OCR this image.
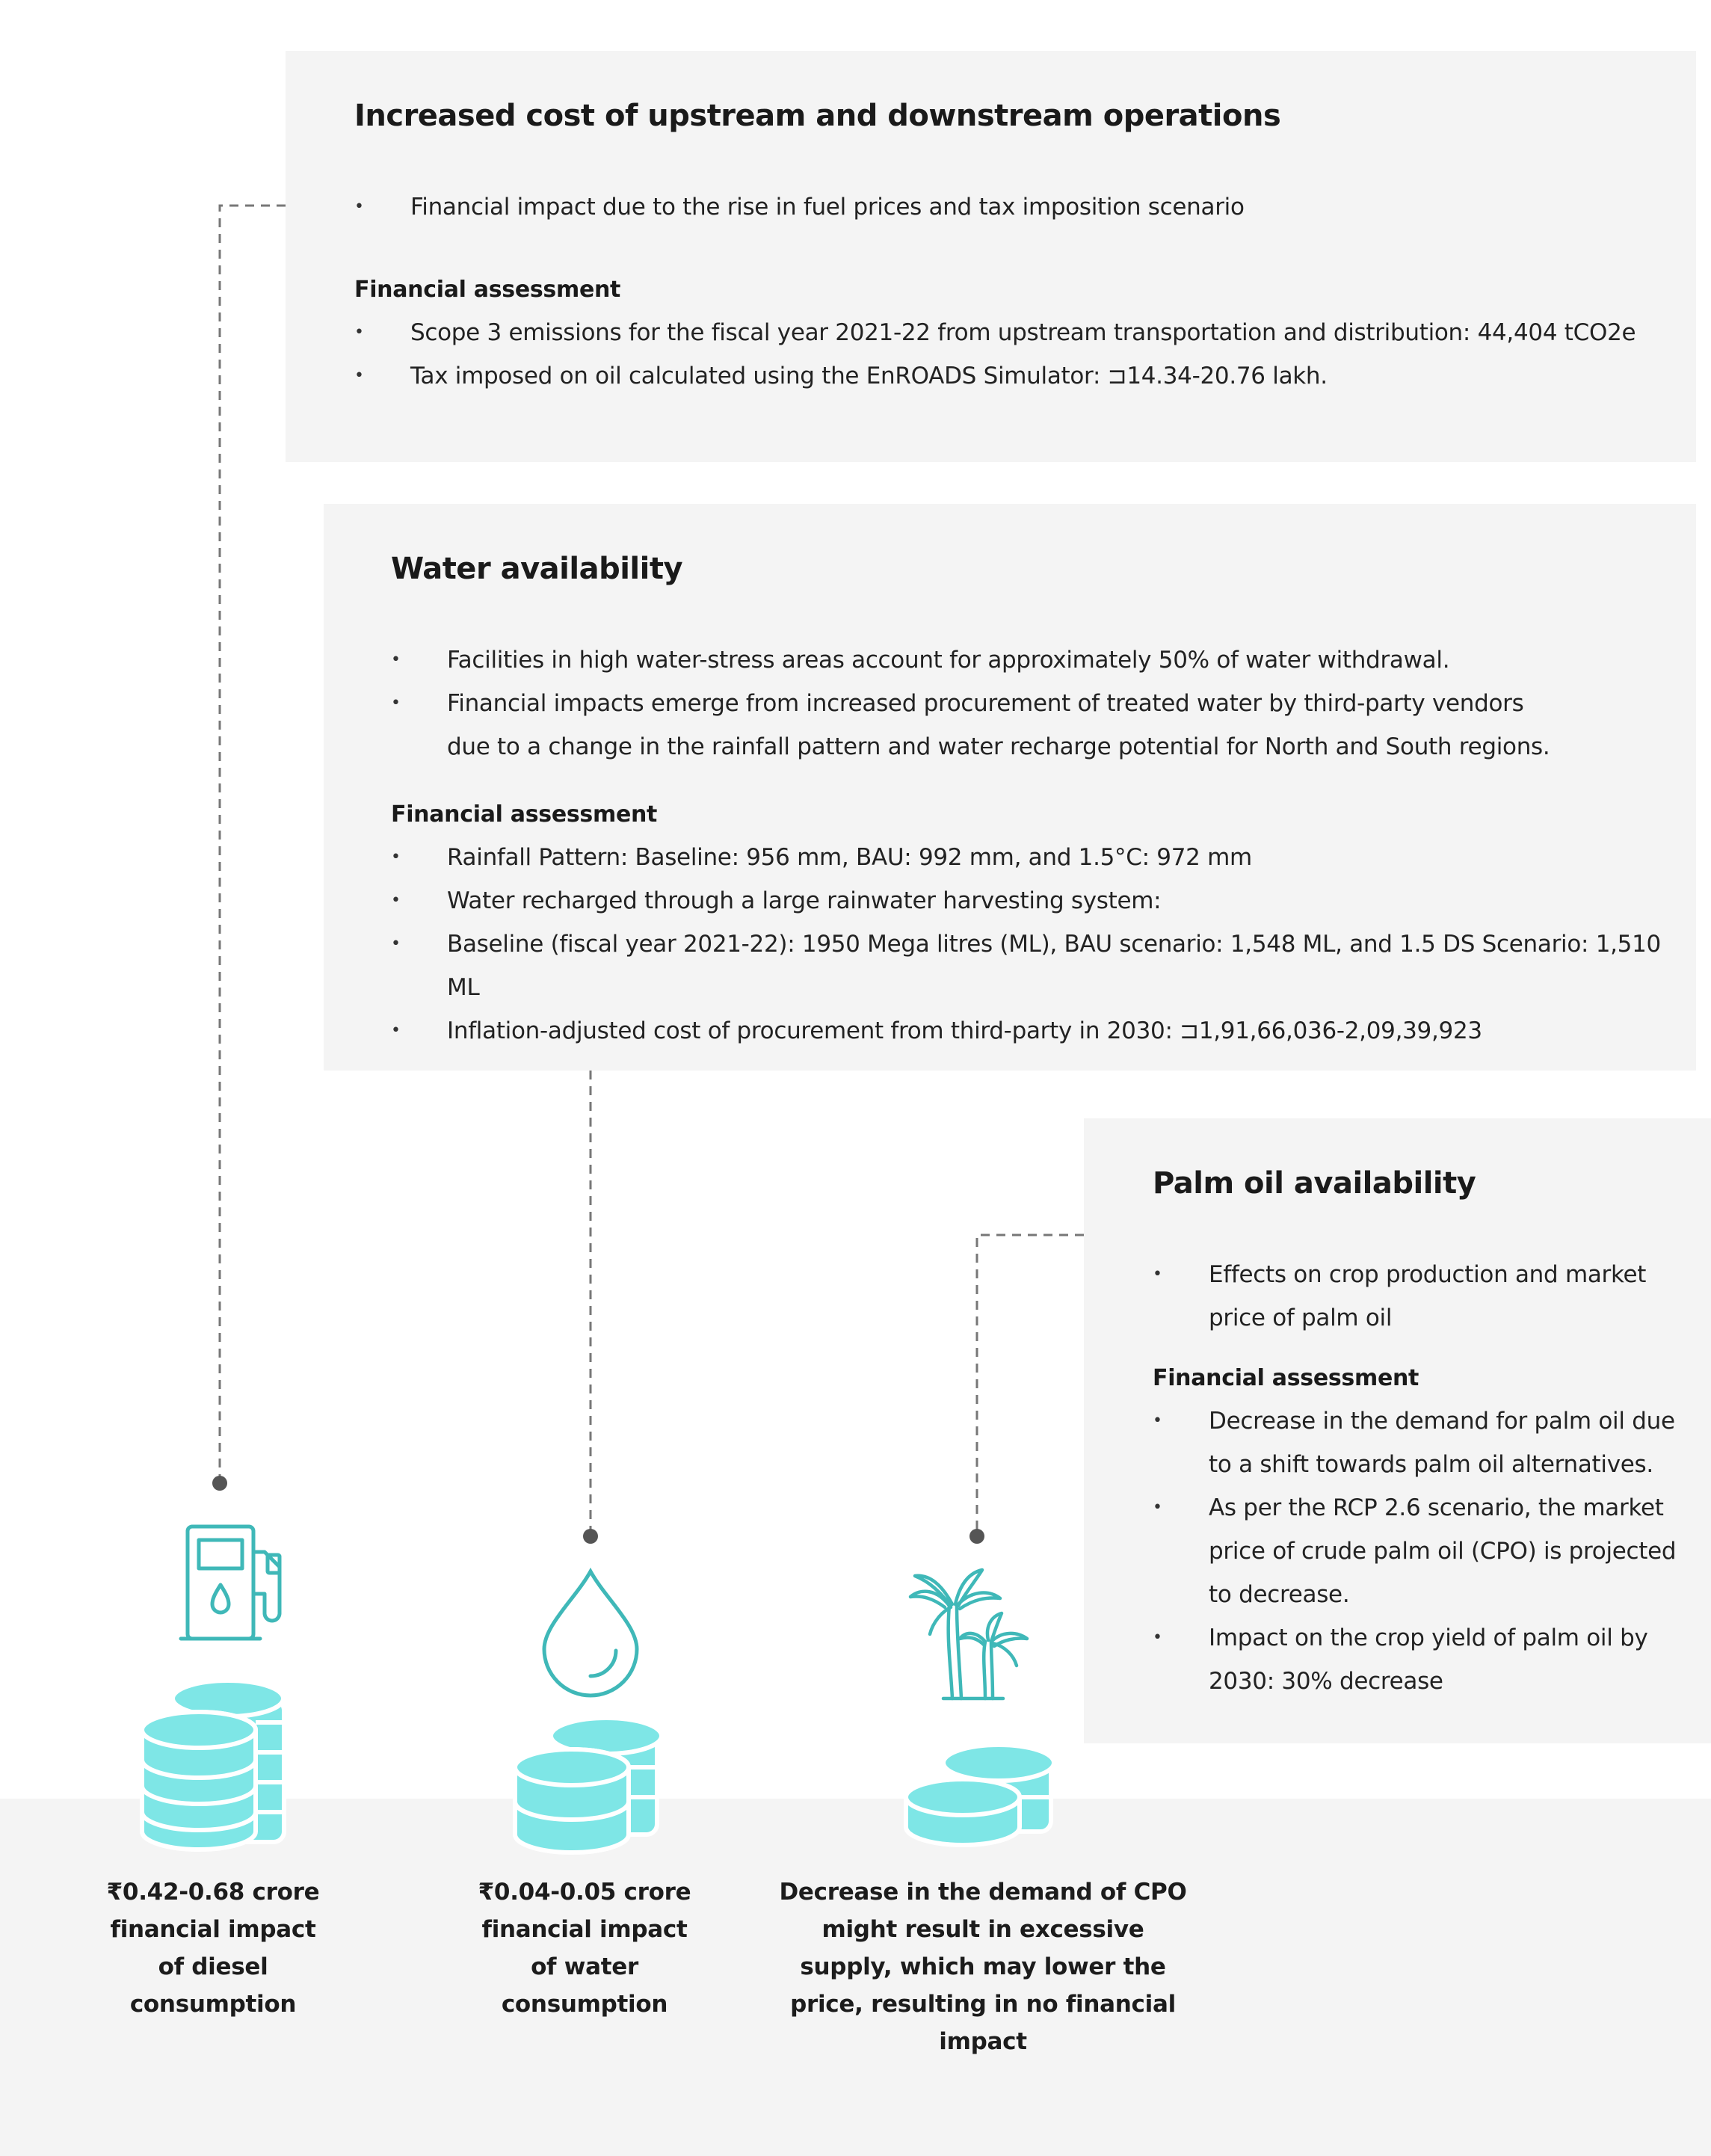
Increased cost of upstream and downstream operations
• Financial impact due to the rise in fuel prices and tax imposition scenario
Financial assessment
• Scope 3 emissions for the fiscal year 2021-22 from upstream transportation and distribution: 44,404 tCO2e
• Tax imposed on oil calculated using the EnROADS Simulator: ⊐14.34-20.76 lakh.
Water availability
• Facilities in high water-stress areas account for approximately 50% of water withdrawal.
• Financial impacts emerge from increased procurement of treated water by third-party vendors due to a change in the rainfall pattern and water recharge potential for North and South regions.
Financial assessment
• Rainfall Pattern: Baseline: 956 mm, BAU: 992 mm, and 1.5°C: 972 mm
• Water recharged through a large rainwater harvesting system:
• Baseline (fiscal year 2021-22): 1950 Mega litres (ML), BAU scenario: 1,548 ML, and 1.5 DS Scenario: 1,510 ML
• Inflation-adjusted cost of procurement from third-party in 2030: ⊐1,91,66,036-2,09,39,923
Palm oil availability
• Effects on crop production and market price of palm oil
Financial assessment
• Decrease in the demand for palm oil due to a shift towards palm oil alternatives.
• As per the RCP 2.6 scenario, the market price of crude palm oil (CPO) is projected to decrease.
• Impact on the crop yield of palm oil by 2030: 30% decrease
₹0.42-0.68 crore financial impact of diesel consumption
₹0.04-0.05 crore financial impact of water consumption
Decrease in the demand of CPO might result in excessive supply, which may lower the price, resulting in no financial impact
